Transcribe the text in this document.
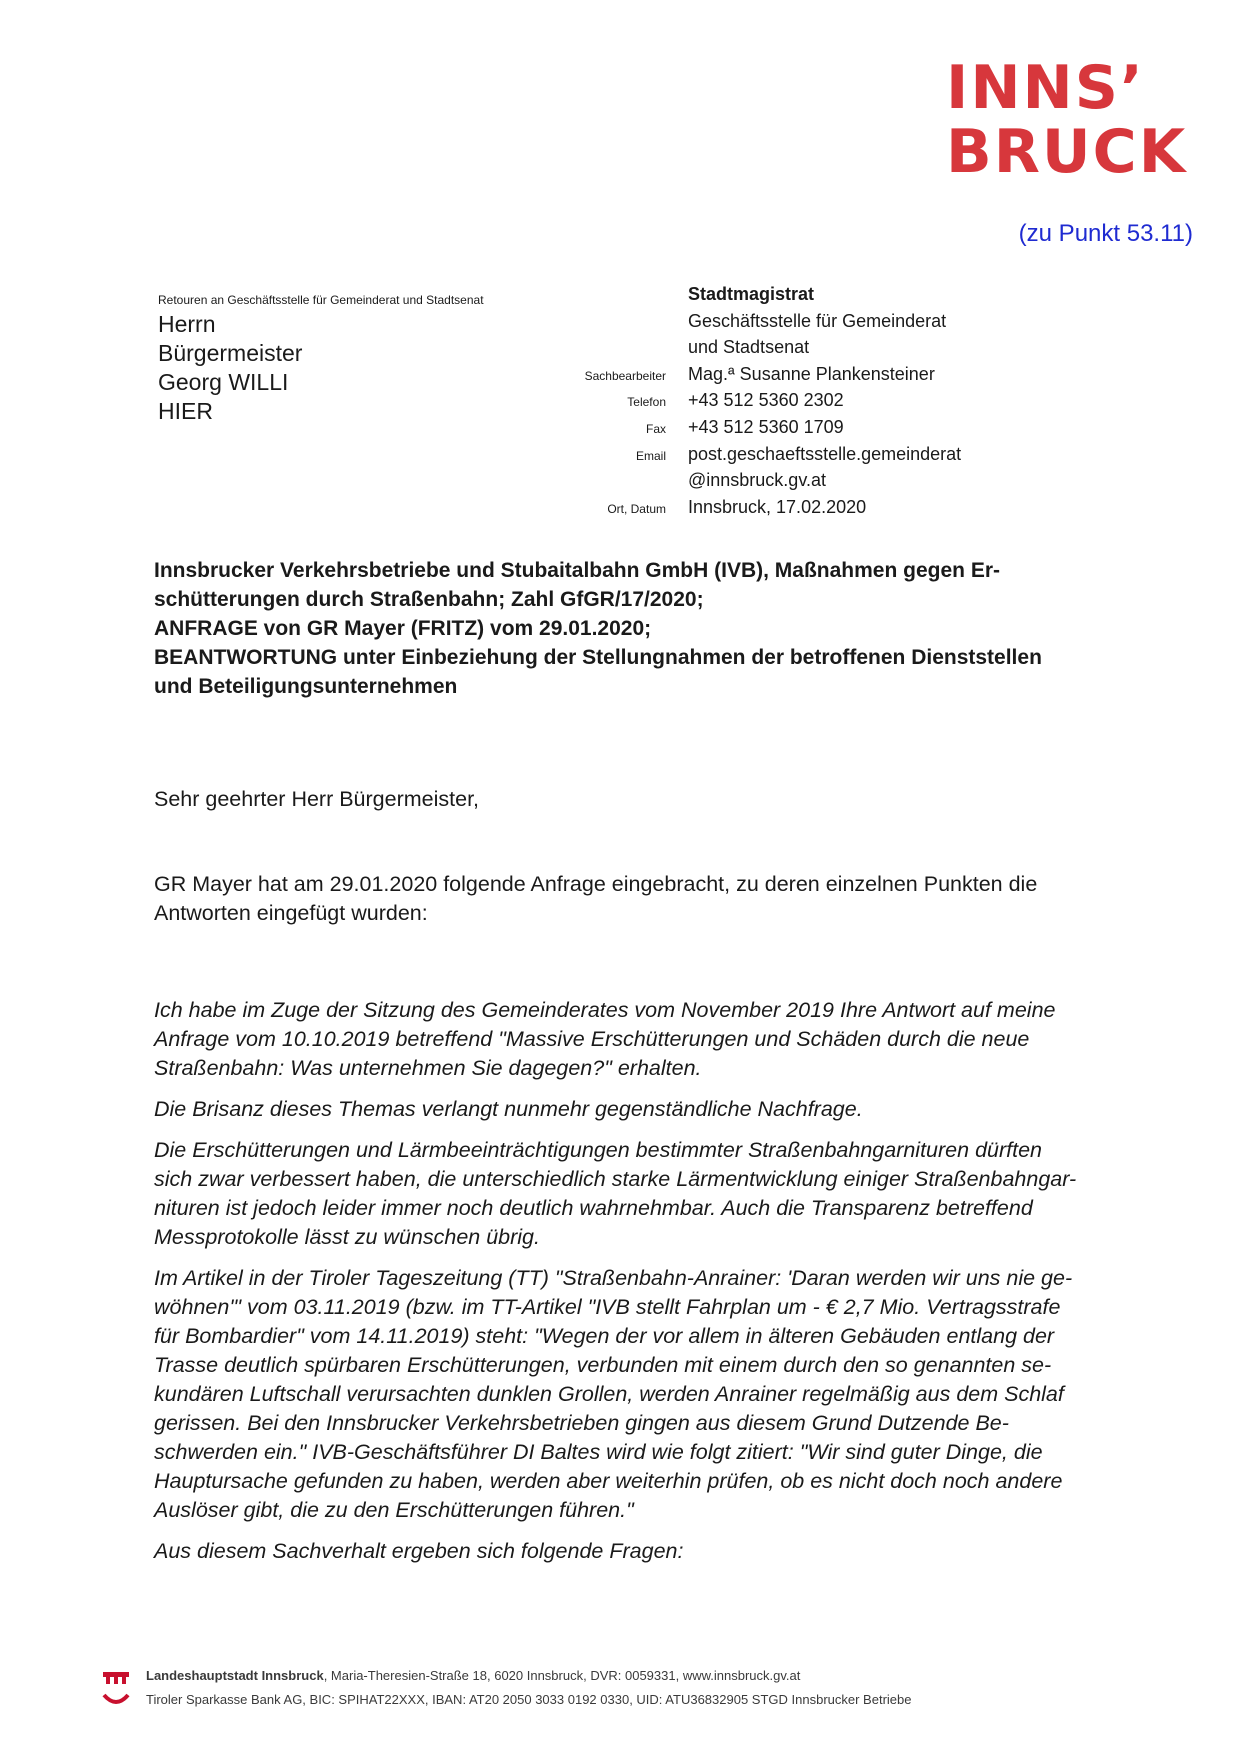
INNS’
BRUCK
(zu Punkt 53.11)
Retouren an Geschäftsstelle für Gemeinderat und Stadtsenat
Herrn
Bürgermeister
Georg WILLI
HIER
Stadtmagistrat
Geschäftsstelle für Gemeinderat
und Stadtsenat
Sachbearbeiter	Mag.ª Susanne Plankensteiner
Telefon	+43 512 5360 2302
Fax	+43 512 5360 1709
Email	post.geschaeftsstelle.gemeinderat
@innsbruck.gv.at
Ort, Datum	Innsbruck, 17.02.2020
Innsbrucker Verkehrsbetriebe und Stubaitalbahn GmbH (IVB), Maßnahmen gegen Er-
schütterungen durch Straßenbahn; Zahl GfGR/17/2020;
ANFRAGE von GR Mayer (FRITZ) vom 29.01.2020;
BEANTWORTUNG unter Einbeziehung der Stellungnahmen der betroffenen Dienststellen
und Beteiligungsunternehmen
Sehr geehrter Herr Bürgermeister,
GR Mayer hat am 29.01.2020 folgende Anfrage eingebracht, zu deren einzelnen Punkten die
Antworten eingefügt wurden:

Ich habe im Zuge der Sitzung des Gemeinderates vom November 2019 Ihre Antwort auf meine
Anfrage vom 10.10.2019 betreffend "Massive Erschütterungen und Schäden durch die neue
Straßenbahn: Was unternehmen Sie dagegen?" erhalten.

Die Brisanz dieses Themas verlangt nunmehr gegenständliche Nachfrage.

Die Erschütterungen und Lärmbeeinträchtigungen bestimmter Straßenbahngarnituren dürften
sich zwar verbessert haben, die unterschiedlich starke Lärmentwicklung einiger Straßenbahngar-
nituren ist jedoch leider immer noch deutlich wahrnehmbar. Auch die Transparenz betreffend
Messprotokolle lässt zu wünschen übrig.

Im Artikel in der Tiroler Tageszeitung (TT) "Straßenbahn-Anrainer: 'Daran werden wir uns nie ge-
wöhnen'" vom 03.11.2019 (bzw. im TT-Artikel "IVB stellt Fahrplan um - € 2,7 Mio. Vertragsstrafe
für Bombardier" vom 14.11.2019) steht: "Wegen der vor allem in älteren Gebäuden entlang der
Trasse deutlich spürbaren Erschütterungen, verbunden mit einem durch den so genannten se-
kundären Luftschall verursachten dunklen Grollen, werden Anrainer regelmäßig aus dem Schlaf
gerissen. Bei den Innsbrucker Verkehrsbetrieben gingen aus diesem Grund Dutzende Be-
schwerden ein." IVB-Geschäftsführer DI Baltes wird wie folgt zitiert: "Wir sind guter Dinge, die
Hauptursache gefunden zu haben, werden aber weiterhin prüfen, ob es nicht doch noch andere
Auslöser gibt, die zu den Erschütterungen führen."

Aus diesem Sachverhalt ergeben sich folgende Fragen:

Landeshauptstadt Innsbruck, Maria-Theresien-Straße 18, 6020 Innsbruck, DVR: 0059331, www.innsbruck.gv.at
Tiroler Sparkasse Bank AG, BIC: SPIHAT22XXX, IBAN: AT20 2050 3033 0192 0330, UID: ATU36832905 STGD Innsbrucker Betriebe
